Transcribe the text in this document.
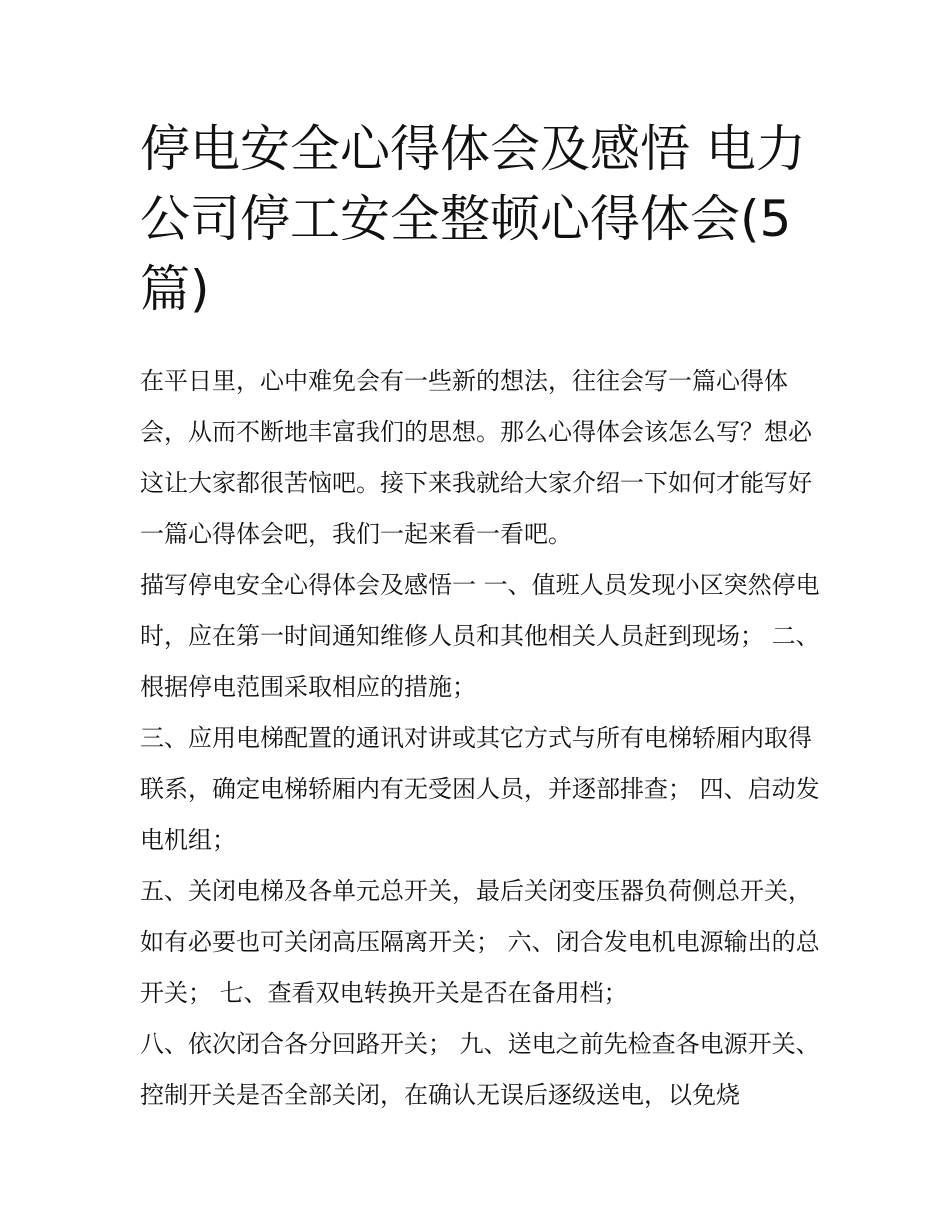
停电安全心得体会及感悟 电力公司停工安全整顿心得体会(5篇)

在平日里，心中难免会有一些新的想法，往往会写一篇心得体会，从而不断地丰富我们的思想。那么心得体会该怎么写？想必这让大家都很苦恼吧。接下来我就给大家介绍一下如何才能写好一篇心得体会吧，我们一起来看一看吧。

描写停电安全心得体会及感悟一 一、值班人员发现小区突然停电时，应在第一时间通知维修人员和其他相关人员赶到现场； 二、根据停电范围采取相应的措施；

三、应用电梯配置的通讯对讲或其它方式与所有电梯轿厢内取得联系，确定电梯轿厢内有无受困人员，并逐部排查； 四、启动发电机组；

五、关闭电梯及各单元总开关，最后关闭变压器负荷侧总开关，如有必要也可关闭高压隔离开关； 六、闭合发电机电源输出的总开关； 七、查看双电转换开关是否在备用档；

八、依次闭合各分回路开关； 九、送电之前先检查各电源开关、控制开关是否全部关闭，在确认无误后逐级送电，以免烧
